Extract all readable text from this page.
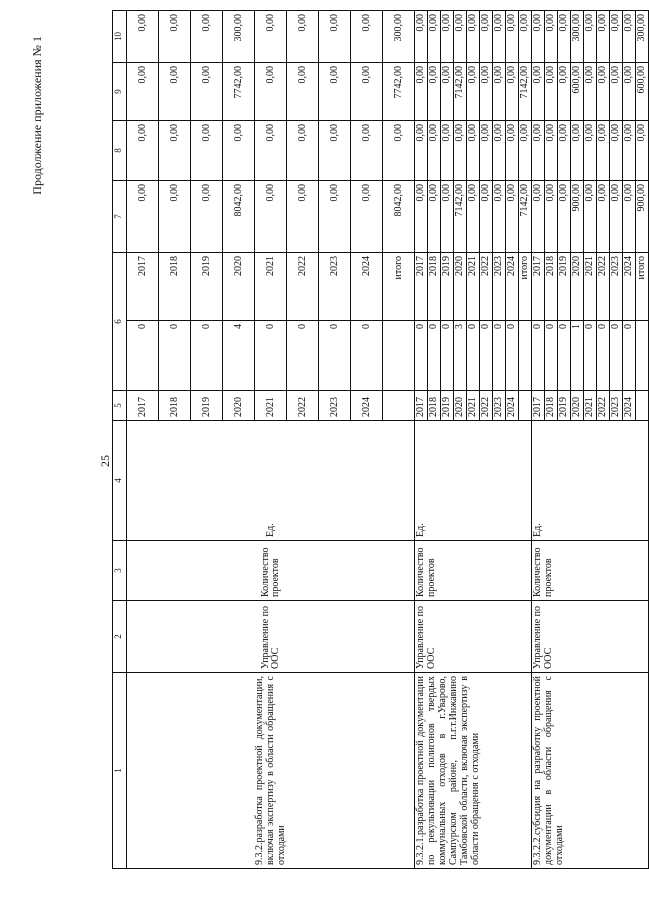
25
Продолжение приложения № 1
1	2	3	4	5	6		7	8	9	10	
9.3.2.разработка проектной документации, включая экспертизу в области обращения с отходами	Управление по ООС	Количество проектов	Ед.	2017	0	2017	0,00	0,00	0,00	0,00	
				2018	0	2018	0,00	0,00	0,00	0,00	
				2019	0	2019	0,00	0,00	0,00	0,00	
				2020	4	2020	8042,00	0,00	7742,00	300,00	
				2021	0	2021	0,00	0,00	0,00	0,00	
				2022	0	2022	0,00	0,00	0,00	0,00	
				2023	0	2023	0,00	0,00	0,00	0,00	
				2024	0	2024	0,00	0,00	0,00	0,00	
						итого	8042,00	0,00	7742,00	300,00	
9.3.2.1.разработка проектной документации по рекультивации полигонов твердых коммунальных отходов в г.Уварово, Сампурском районе, п.г.т.Инжавино Тамбовской области, включая экспертизу в области обращения с отходами	Управление по ООС	Количество проектов	Ед.	2017	0	2017	0,00	0,00	0,00	0,00	
				2018	0	2018	0,00	0,00	0,00	0,00	
				2019	0	2019	0,00	0,00	0,00	0,00	
				2020	3	2020	7142,00	0,00	7142,00	0,00	
				2021	0	2021	0,00	0,00	0,00	0,00	
				2022	0	2022	0,00	0,00	0,00	0,00	
				2023	0	2023	0,00	0,00	0,00	0,00	
				2024	0	2024	0,00	0,00	0,00	0,00	
						итого	7142,00	0,00	7142,00	0,00	
9.3.2.2.субсидия на разработку проектной документации в области обращения с отходами	Управление по ООС	Количество проектов	Ед.	2017	0	2017	0,00	0,00	0,00	0,00	
				2018	0	2018	0,00	0,00	0,00	0,00	
				2019	0	2019	0,00	0,00	0,00	0,00	
				2020	1	2020	900,00	0,00	600,00	300,00	
				2021	0	2021	0,00	0,00	0,00	0,00	
				2022	0	2022	0,00	0,00	0,00	0,00	
				2023	0	2023	0,00	0,00	0,00	0,00	
				2024	0	2024	0,00	0,00	0,00	0,00	
						итого	900,00	0,00	600,00	300,00	
